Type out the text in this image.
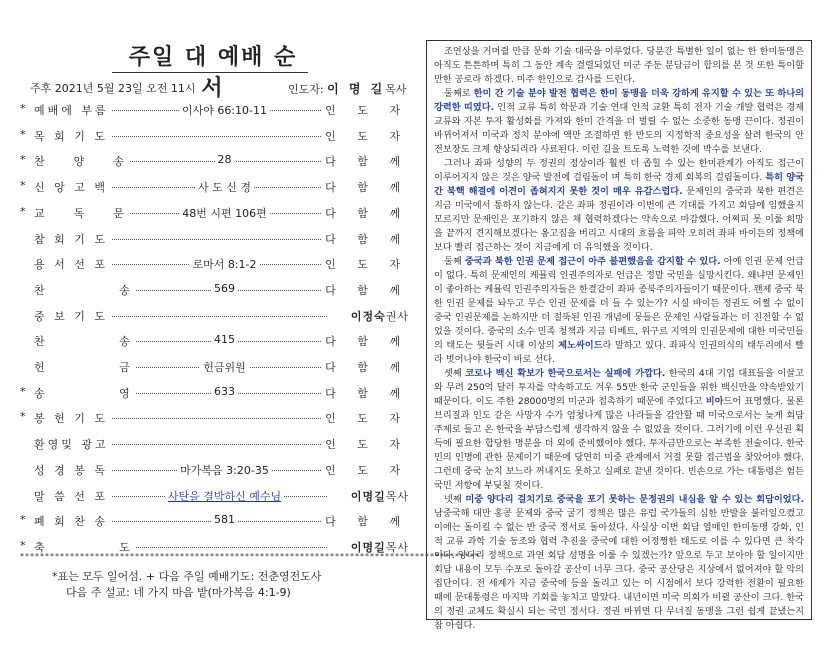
주일 대 예배 순서
주후 2021년 5월 23일 오전 11시	인도자: 이 명 길목사
* 예배에 부름	이사야 66:10-11	인 도 자
* 목 회 기 도	인 도 자
* 찬    양    송	28	다 함 께
* 신 앙 고 백	사 도 신 경	다 함 께
* 교    독    문	48번 시편 106편	다 함 께
참 회 기 도	다 함 께
용 서 선 포	로마서 8:1-2	인 도 자
찬           송	569	다 함 께
중 보 기 도	이정숙권사
찬           송	415	다 함 께
헌           금	헌금위원	다 함 께
* 송           영	633	다 함 께
* 봉 헌 기 도	인 도 자
환영및 광고	인 도 자
성 경 봉 독	마가복음 3:20-35	인 도 자
말 씀 선 포	사탄을 결박하신 예수님	이명길목사
* 폐 회 찬 송	581	다 함 께
* 축           도	이명길목사
********************************************************************************************
*표는 모두 일어섬. + 다음 주일 예배기도: 전춘영전도사
다음 주 설교: 네 가지 마음 밭(마가복음 4:1-9)

조연상을 거머쥘 만큼 문화 기술 대국을 이루었다. 당분간 특별한 일이 없는 한 한미동맹은 아직도 튼튼하며 특히 그 동안 계속 결렬되었던 미군 주둔 분담금이 합의를 본 것 또한 특이할 만한 공로라 하겠다. 미주 한인으로 감사를 드린다.

둘째로 한미 간 기술 분야 발전 협력은 한미 동맹을 더욱 강하게 유지할 수 있는 또 하나의 강력한 띠였다. 인적 교류 특히 학문과 기술 연대 인적 교환 특히 전자 기술 개발 협력은 경제 교류와 자본 투자 활성화를 가져와 한미 간격을 더 벌릴 수 없는 소중한 동맹 끈이다. 정권이 바뀌어져서 미국과 정치 분야에 액만 조절하면 한 반도의 지정학적 중요성을 살려 한국의 안전보장도 크게 향상되리라 사료된다. 이런 길을 트도록 노력한 것에 박수를 보낸다.

그러나 좌파 성향의 두 정권의 정상이라 훨씬 더 좁힐 수 있는 한미관계가 아직도 접근이 이루어지지 않은 것은 양국 발전에 걸림돌이 며 특히 한국 경제 회복의 걸림돌이다. 특히 양국 간 북핵 해결에 이견이 좁혀지지 못한 것이 매우 유감스럽다. 문제인의 중국과 북한 편견은 지금 미국에서 통하지 않는다. 같은 좌파 정권이라 이번에 큰 기대를 가지고 회담에 임했을지 모르지만 문제인은 포기하지 않은 채 협력하겠다는 약속으로 마감했다. 어쩌피 못 이룰 희망을 끝까지 견지해보겠다는 옹고집을 버리고 시대의 흐름을 파악 오히려 좌파 바이든의 정책에 보다 빨리 접근하는 것이 지금에게 더 유익했을 것이다.

둘째 중국과 북한 인권 문제 접근이 아주 불편했음을 감지할 수 있다. 아예 인권 문제 언급이 없다. 특히 문제인의 케뮬릭 인권주의자로 언급은 정말 국민을 실망시킨다. 왜냐면 문제인이 좋아하는 케뮬릭 인권주의자들은 한결같이 좌파 종북주의자들이기 때문이다. 왠제 중국 북한 인권 문제를 놔두고 무슨 인권 문제를 더 들 수 있는가? 시실 바이든 정권도 어쩔 수 없이 중국 인권문제를 논하지만 더 절뚝된 인권 개념에 뭉들은 문제인 사람들과는 더 진전할 수 없었을 것이다. 중국의 소수 민족 청책과 지금 티베트, 위구르 지역의 인권문제에 대한 미국민들의 태도는 뒷들러 시대 이상의 제노싸이드라 말하고 있다. 좌파식 인권의식의 태두리에서 빨라 벗어나야 한국이 바로 선다.

셋째 코로나 백신 확보가 한국으로서는 실패에 가깝다. 한국의 4대 기업 대표들을 이끌고 와 무려 250억 달러 투자를 약속하고도 겨우 55만 한국 군인들을 위한 백신만을 약속받았기 때문이다. 이도 주한 28000명의 미군과 접촉하기 때문에 주었다고 비아드어 표명했다. 물론 브리질과 인도 같은 사망자 수가 엄청나게 많은 나라들을 감안할 때 미국으로서는 늦게 회담 주제로 들고 온 한국을 부담스럽게 생각하지 않을 수 없었을 것이다. 그러기에 이런 우선권 획득에 필요한 합당한 명분을 더 외에 준비했어야 했다. 투자금만으로는 부족한 전술이다. 한국민의 인명에 관한 문제이기 때문에 당연히 미중 관계에서 거절 못할 접근법을 찾았어야 했다. 그런데 중국 눈치 보느라 꺼내지도 못하고 실패로 끝낸 것이다. 빈손으로 가는 대통령은 험든 국민 저항에 부딪칠 것이다.

넷째 미중 양다리 걸치기로 중국을 포기 못하는 문정권의 내심을 알 수 있는 회담이었다. 남중국해 대만 홍콩 문제와 중국 굴기 정책은 많은 유럽 국가들의 심한 반발을 불러일으켰고 이에는 돌이킬 수 없는 반 중국 정서로 돌아섰다. 사실상 이번 회담 열매인 한미동맹 강화, 인적 교류 과학 기술 동조와 협력 추진을 중국에 대한 어정쩡한 태도로 이를 수 있다면 큰 착각이다. 양다리 정책으로 과연 회담 성명을 이룰 수 있겠는가? 앞으로 두고 보아야 할 일이지만 회담 내용이 모두 수포로 돌아갈 공산이 너무 크다. 중국 공산당은 지상에서 없어져야 할 악의 집단이다. 전 세계가 지금 중국에 등을 돌리고 있는 이 시점에서 보다 강력한 전환이 필요한 때에 문대통령은 마지막 기회를 놓치고 말았다. 내년이면 미국 의회가 비뀔 공산이 크다. 한국의 정권 교체도 확실시 되는 국민 정서다. 정권 바뀌면 다 무너질 동맹을 그런 쉽게 끝냈는지 참 아쉽다.
